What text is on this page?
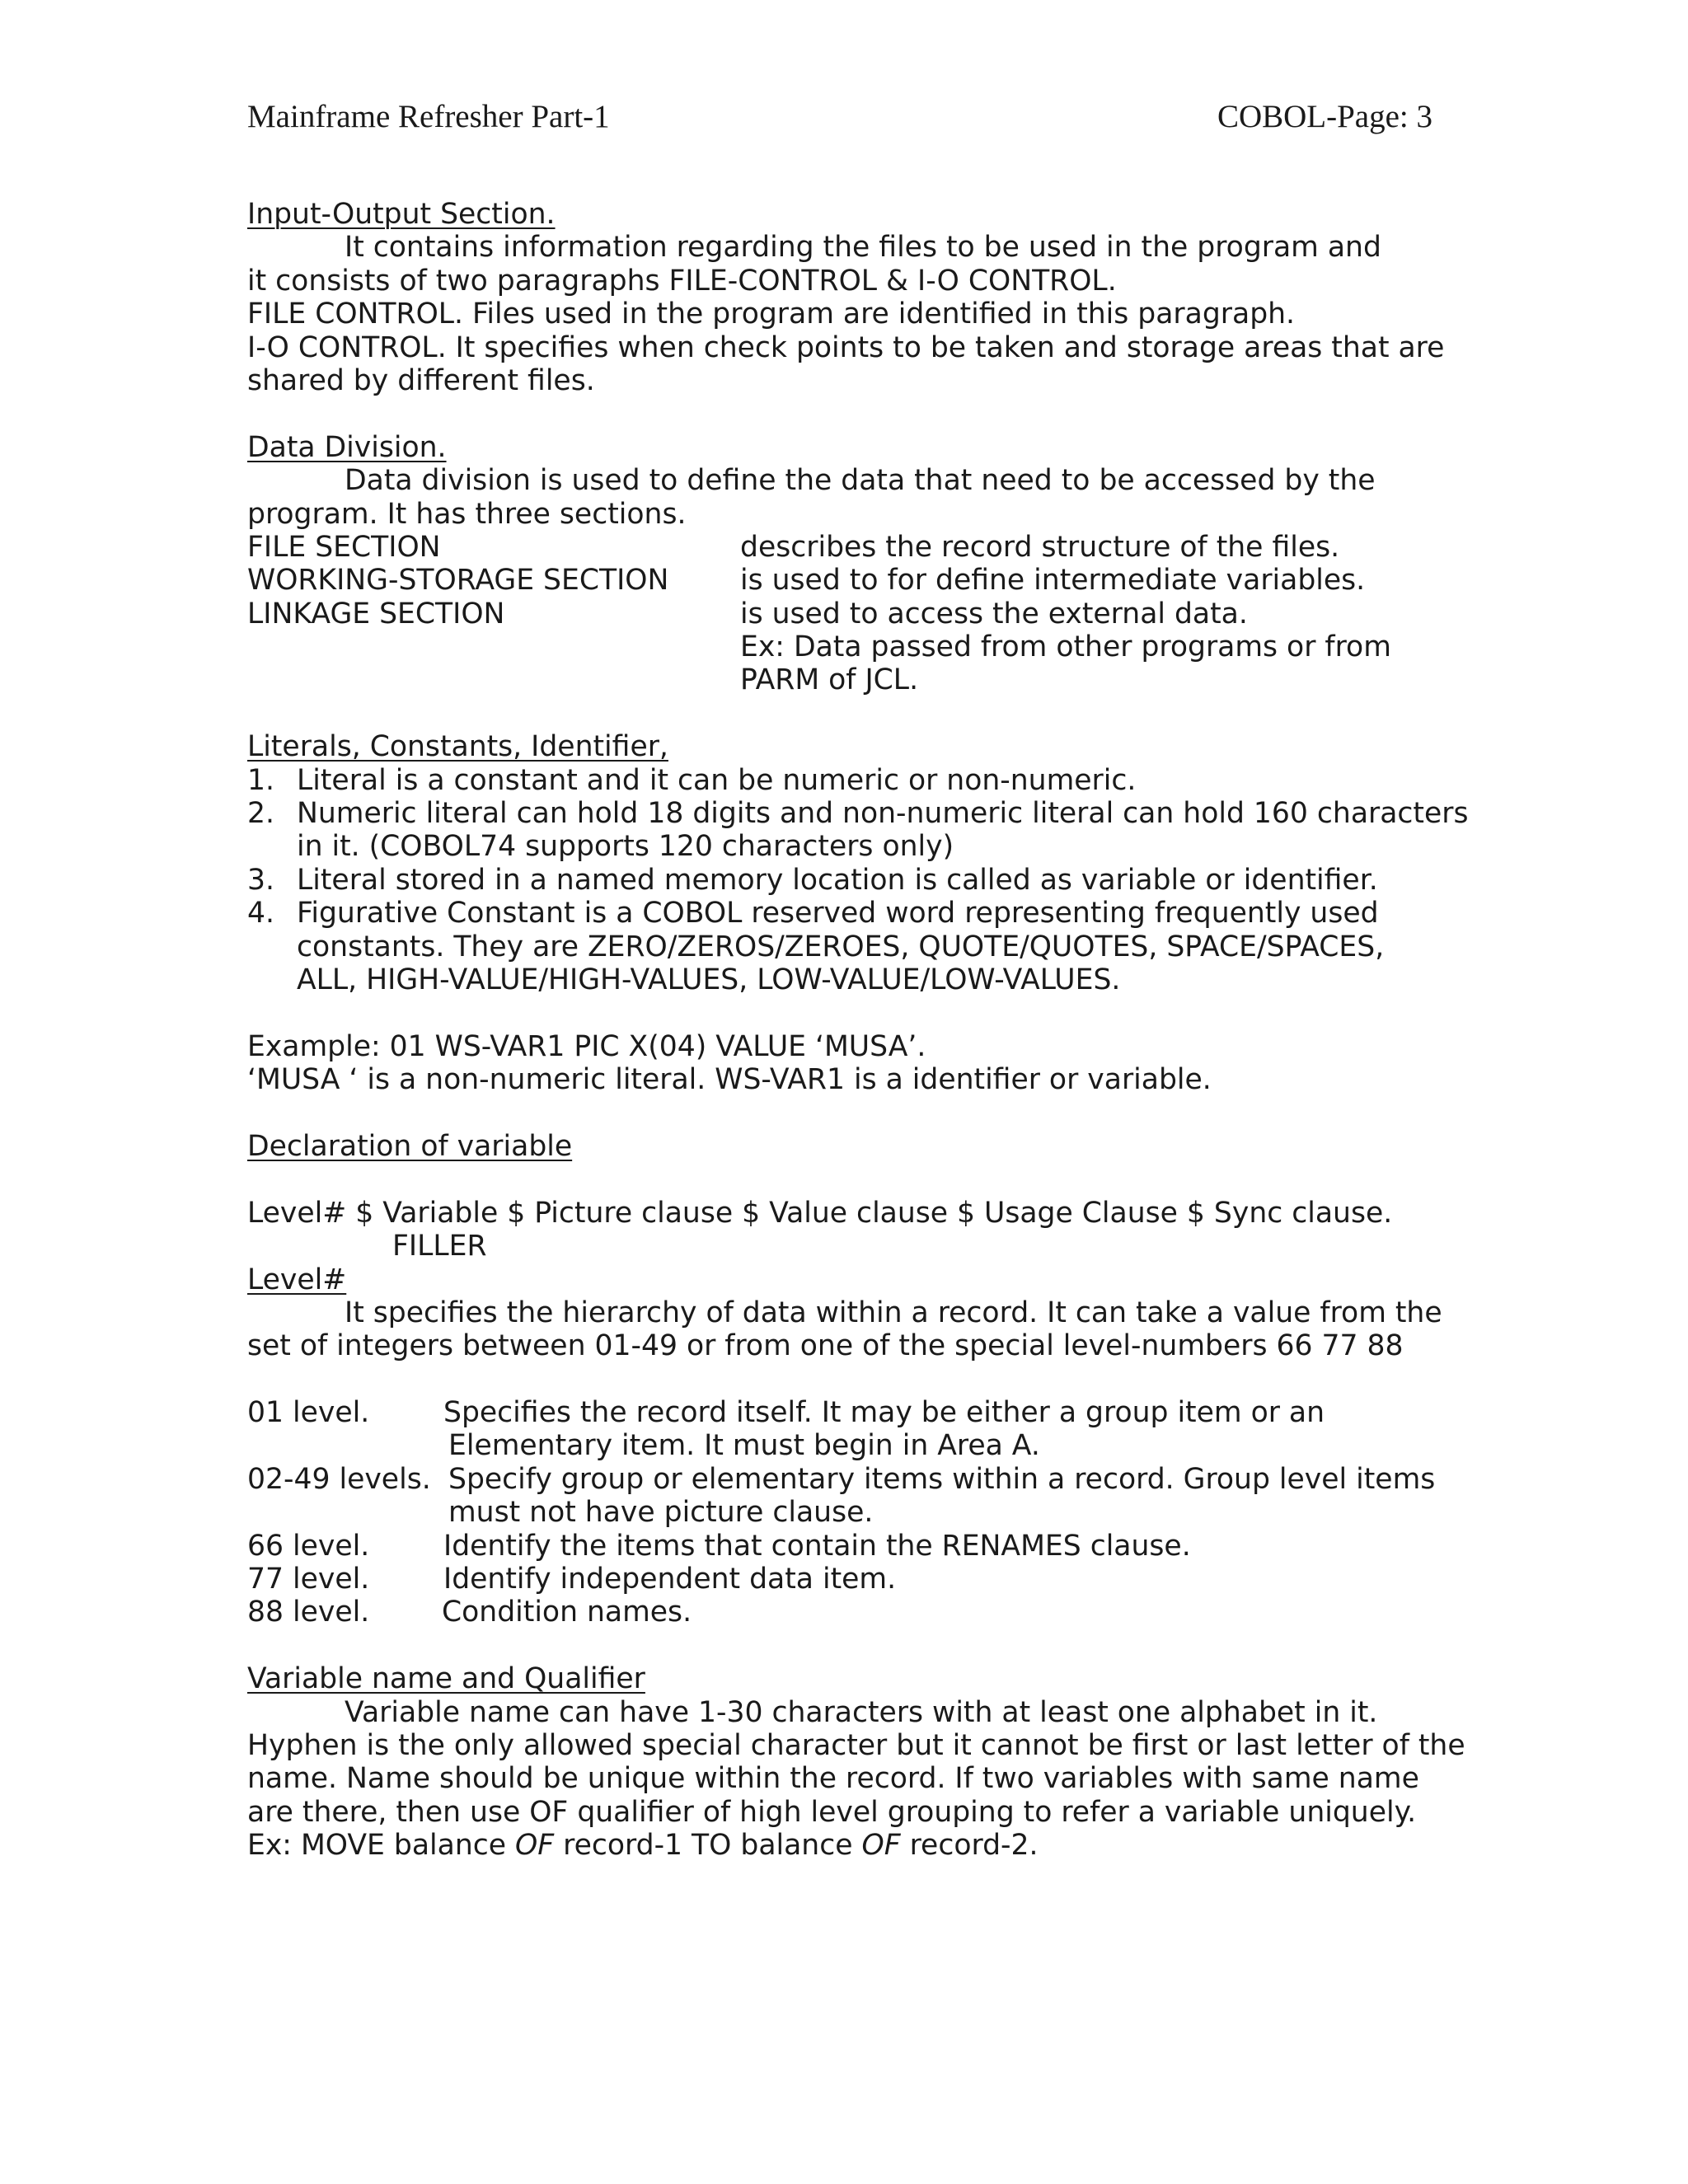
Mainframe Refresher Part-1	COBOL-Page: 3
Input-Output Section.
It contains information regarding the files to be used in the program and
it consists of two paragraphs FILE-CONTROL & I-O CONTROL.
FILE CONTROL. Files used in the program are identified in this paragraph.
I-O CONTROL. It specifies when check points to be taken and storage areas that are
shared by different files.
Data Division.
Data division is used to define the data that need to be accessed by the
program. It has three sections.
FILE SECTION	describes the record structure of the files.
WORKING-STORAGE SECTION	is used to for define intermediate variables.
LINKAGE SECTION	is used to access the external data.
Ex: Data passed from other programs or from
PARM of JCL.
Literals, Constants, Identifier,
1. Literal is a constant and it can be numeric or non-numeric.
2. Numeric literal can hold 18 digits and non-numeric literal can hold 160 characters
in it. (COBOL74 supports 120 characters only)
3. Literal stored in a named memory location is called as variable or identifier.
4. Figurative Constant is a COBOL reserved word representing frequently used
constants. They are ZERO/ZEROS/ZEROES, QUOTE/QUOTES, SPACE/SPACES,
ALL, HIGH-VALUE/HIGH-VALUES, LOW-VALUE/LOW-VALUES.
Example: 01 WS-VAR1 PIC X(04) VALUE ‘MUSA’.
‘MUSA ‘ is a non-numeric literal. WS-VAR1 is a identifier or variable.
Declaration of variable
Level# $ Variable $ Picture clause $ Value clause $ Usage Clause $ Sync clause.
FILLER
Level#
It specifies the hierarchy of data within a record. It can take a value from the
set of integers between 01-49 or from one of the special level-numbers 66 77 88
01 level.	Specifies the record itself. It may be either a group item or an
Elementary item. It must begin in Area A.
02-49 levels. Specify group or elementary items within a record. Group level items
must not have picture clause.
66 level.	Identify the items that contain the RENAMES clause.
77 level.	Identify independent data item.
88 level.	Condition names.
Variable name and Qualifier
Variable name can have 1-30 characters with at least one alphabet in it.
Hyphen is the only allowed special character but it cannot be first or last letter of the
name. Name should be unique within the record. If two variables with same name
are there, then use OF qualifier of high level grouping to refer a variable uniquely.
Ex: MOVE balance OF record-1 TO balance OF record-2.
